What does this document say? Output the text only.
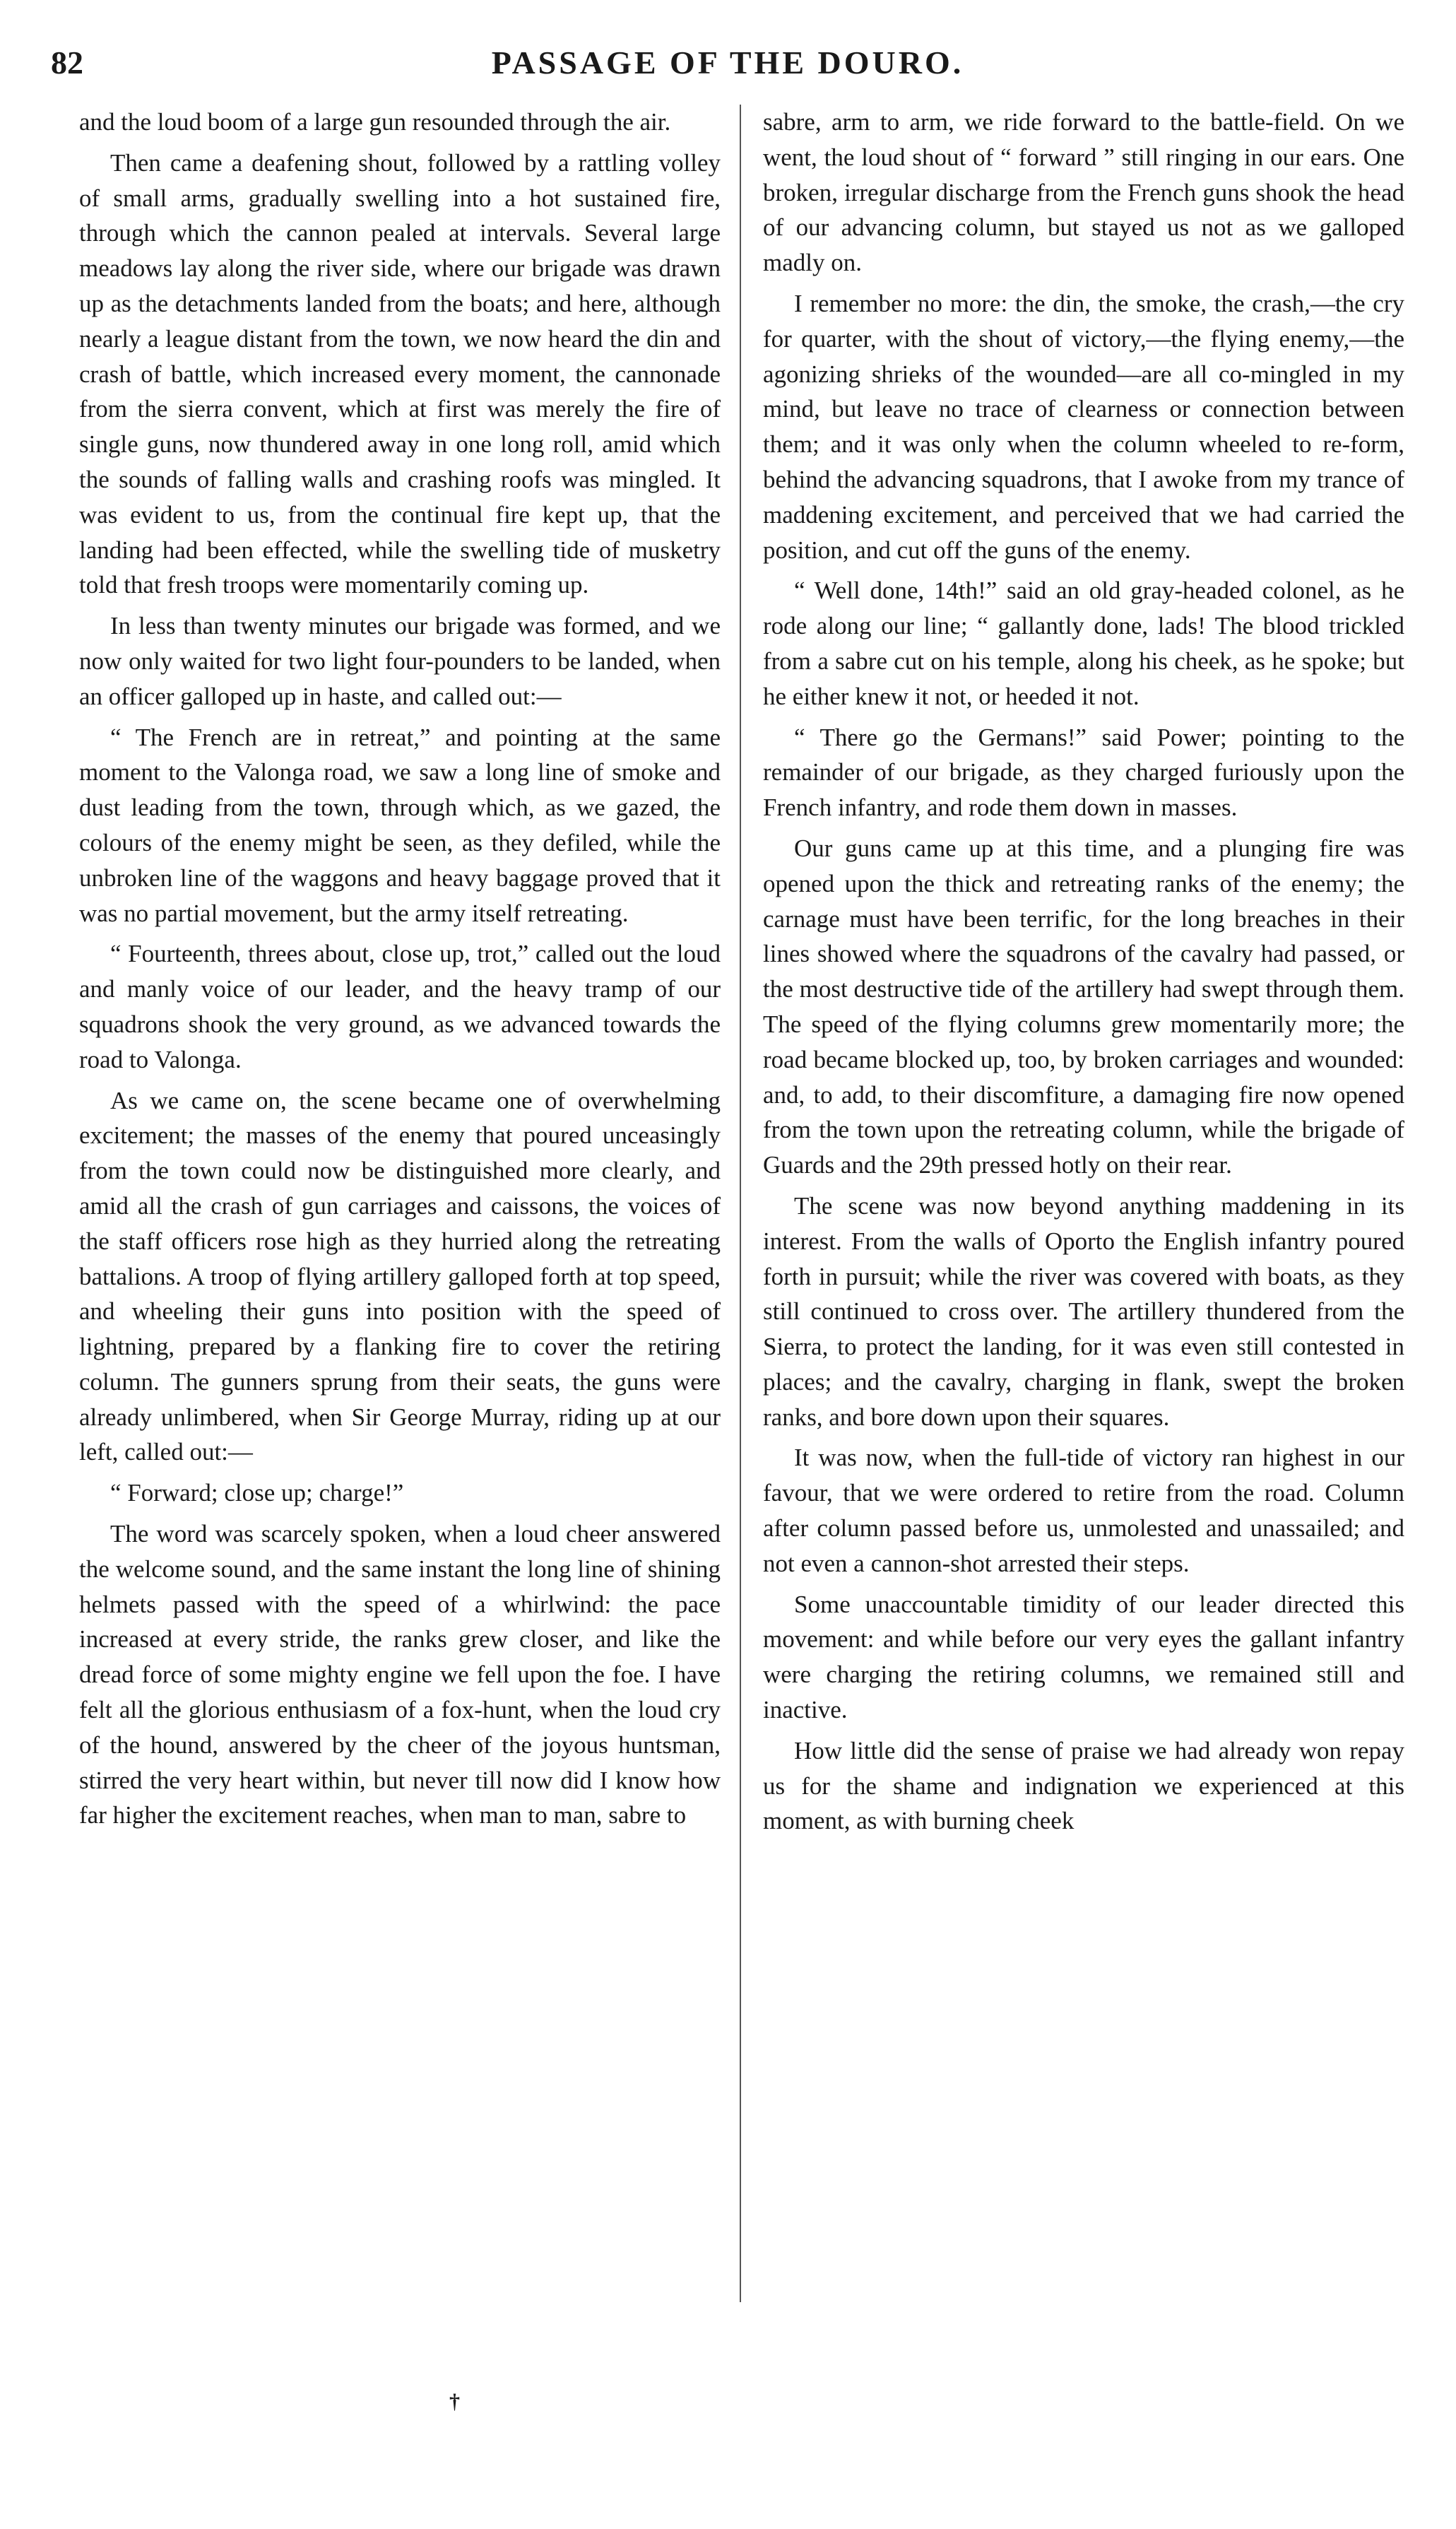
82	PASSAGE OF THE DOURO.

and the loud boom of a large gun resounded through the air.

Then came a deafening shout, followed by a rattling volley of small arms, gradually swelling into a hot sustained fire, through which the cannon pealed at intervals. Several large meadows lay along the river side, where our brigade was drawn up as the detachments landed from the boats; and here, although nearly a league distant from the town, we now heard the din and crash of battle, which increased every moment, the cannonade from the sierra convent, which at first was merely the fire of single guns, now thundered away in one long roll, amid which the sounds of falling walls and crashing roofs was mingled. It was evident to us, from the continual fire kept up, that the landing had been effected, while the swelling tide of musketry told that fresh troops were momentarily coming up.

In less than twenty minutes our brigade was formed, and we now only waited for two light four-pounders to be landed, when an officer galloped up in haste, and called out:—

“ The French are in retreat,” and pointing at the same moment to the Valonga road, we saw a long line of smoke and dust leading from the town, through which, as we gazed, the colours of the enemy might be seen, as they defiled, while the unbroken line of the waggons and heavy baggage proved that it was no partial movement, but the army itself retreating.

“ Fourteenth, threes about, close up, trot,” called out the loud and manly voice of our leader, and the heavy tramp of our squadrons shook the very ground, as we advanced towards the road to Valonga.

As we came on, the scene became one of overwhelming excitement; the masses of the enemy that poured unceasingly from the town could now be distinguished more clearly, and amid all the crash of gun carriages and caissons, the voices of the staff officers rose high as they hurried along the retreating battalions. A troop of flying artillery galloped forth at top speed, and wheeling their guns into position with the speed of lightning, prepared by a flanking fire to cover the retiring column. The gunners sprung from their seats, the guns were already unlimbered, when Sir George Murray, riding up at our left, called out:—

“ Forward; close up; charge!”

The word was scarcely spoken, when a loud cheer answered the welcome sound, and the same instant the long line of shining helmets passed with the speed of a whirlwind: the pace increased at every stride, the ranks grew closer, and like the dread force of some mighty engine we fell upon the foe. I have felt all the glorious enthusiasm of a fox-hunt, when the loud cry of the hound, answered by the cheer of the joyous huntsman, stirred the very heart within, but never till now did I know how far higher the excitement reaches, when man to man, sabre to

sabre, arm to arm, we ride forward to the battle-field. On we went, the loud shout of “ forward ” still ringing in our ears. One broken, irregular discharge from the French guns shook the head of our advancing column, but stayed us not as we galloped madly on.

I remember no more: the din, the smoke, the crash,—the cry for quarter, with the shout of victory,—the flying enemy,—the agonizing shrieks of the wounded—are all co-mingled in my mind, but leave no trace of clearness or connection between them; and it was only when the column wheeled to re-form, behind the advancing squadrons, that I awoke from my trance of maddening excitement, and perceived that we had carried the position, and cut off the guns of the enemy.

“ Well done, 14th!” said an old gray-headed colonel, as he rode along our line; “ gallantly done, lads! The blood trickled from a sabre cut on his temple, along his cheek, as he spoke; but he either knew it not, or heeded it not.

“ There go the Germans!” said Power; pointing to the remainder of our brigade, as they charged furiously upon the French infantry, and rode them down in masses.

Our guns came up at this time, and a plunging fire was opened upon the thick and retreating ranks of the enemy; the carnage must have been terrific, for the long breaches in their lines showed where the squadrons of the cavalry had passed, or the most destructive tide of the artillery had swept through them. The speed of the flying columns grew momentarily more; the road became blocked up, too, by broken carriages and wounded: and, to add, to their discomfiture, a damaging fire now opened from the town upon the retreating column, while the brigade of Guards and the 29th pressed hotly on their rear.

The scene was now beyond anything maddening in its interest. From the walls of Oporto the English infantry poured forth in pursuit; while the river was covered with boats, as they still continued to cross over. The artillery thundered from the Sierra, to protect the landing, for it was even still contested in places; and the cavalry, charging in flank, swept the broken ranks, and bore down upon their squares.

It was now, when the full-tide of victory ran highest in our favour, that we were ordered to retire from the road. Column after column passed before us, unmolested and unassailed; and not even a cannon-shot arrested their steps.

Some unaccountable timidity of our leader directed this movement: and while before our very eyes the gallant infantry were charging the retiring columns, we remained still and inactive.

How little did the sense of praise we had already won repay us for the shame and indignation we experienced at this moment, as with burning cheek

†
